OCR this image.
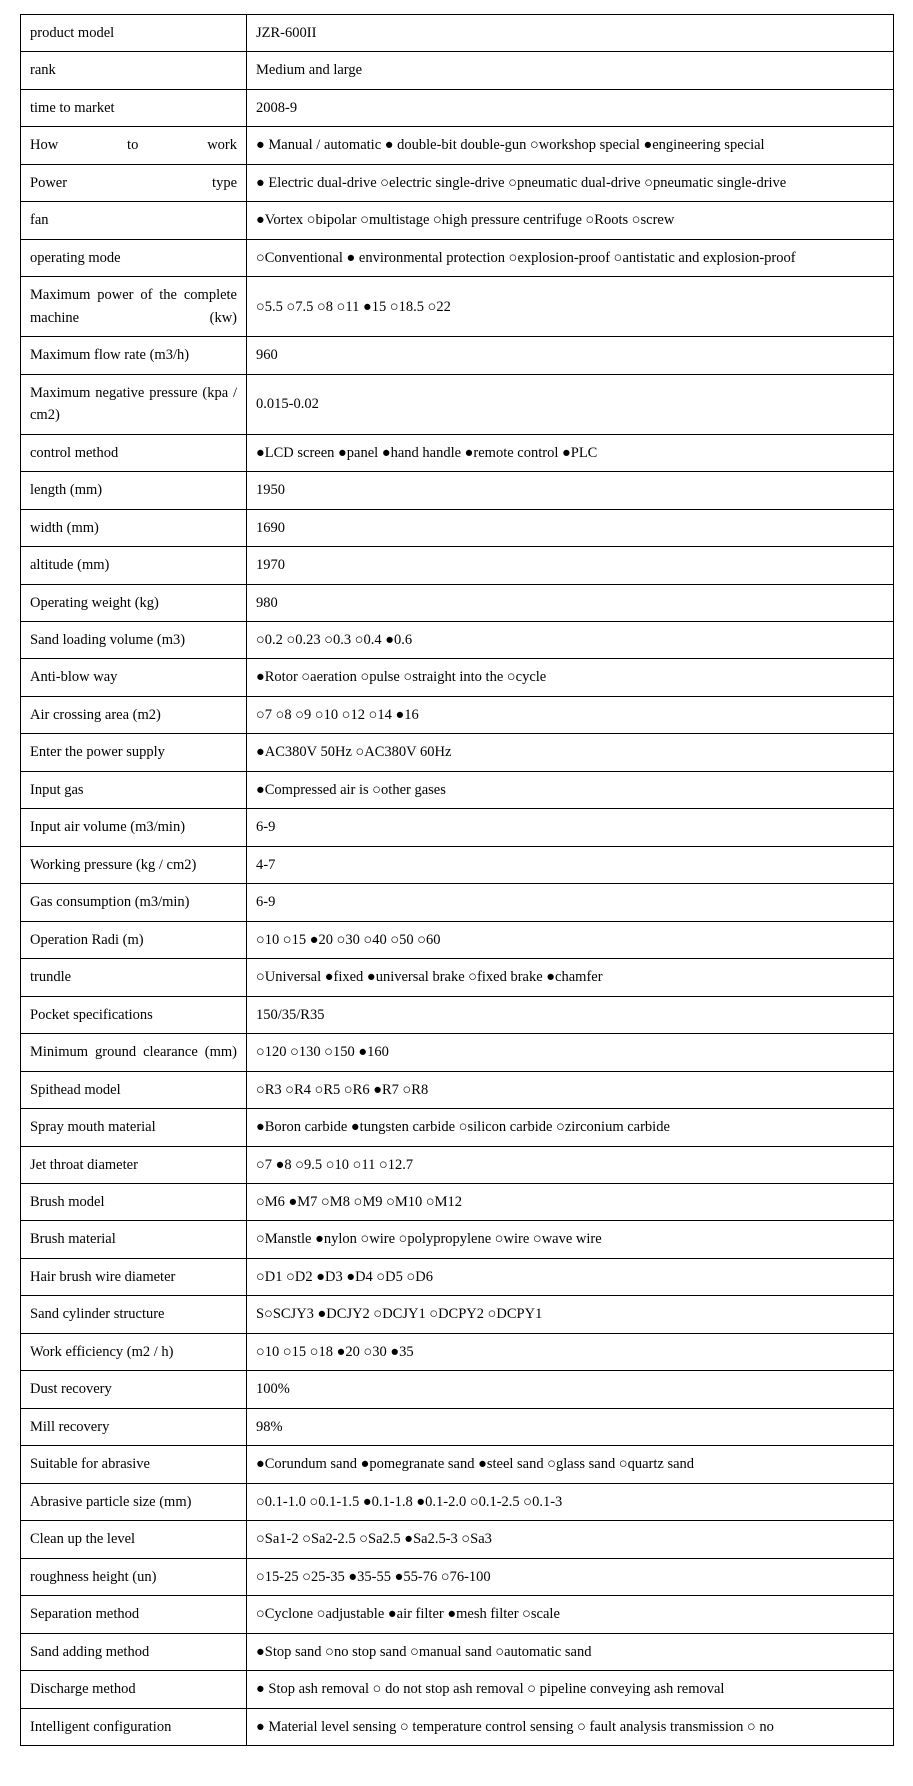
product model	JZR-600II
rank	Medium and large
time to market	2008-9
How to work	● Manual / automatic ● double-bit double-gun ○workshop special ●engineering special
Power type	● Electric dual-drive ○electric single-drive ○pneumatic dual-drive ○pneumatic single-drive
fan	●Vortex ○bipolar ○multistage ○high pressure centrifuge ○Roots ○screw
operating mode	○Conventional ● environmental protection ○explosion-proof ○antistatic and explosion-proof
Maximum power of the complete machine (kw)	○5.5 ○7.5 ○8 ○11 ●15 ○18.5 ○22
Maximum flow rate (m3/h)	960
Maximum negative pressure (kpa / cm2)	0.015-0.02
control method	●LCD screen ●panel ●hand handle ●remote control ●PLC
length (mm)	1950
width (mm)	1690
altitude (mm)	1970
Operating weight (kg)	980
Sand loading volume (m3)	○0.2 ○0.23 ○0.3 ○0.4 ●0.6
Anti-blow way	●Rotor ○aeration ○pulse ○straight into the ○cycle
Air crossing area (m2)	○7 ○8 ○9 ○10 ○12 ○14 ●16
Enter the power supply	●AC380V 50Hz ○AC380V 60Hz
Input gas	●Compressed air is ○other gases
Input air volume (m3/min)	6-9
Working pressure (kg / cm2)	4-7
Gas consumption (m3/min)	6-9
Operation Radi (m)	○10 ○15 ●20 ○30 ○40 ○50 ○60
trundle	○Universal ●fixed ●universal brake ○fixed brake ●chamfer
Pocket specifications	150/35/R35
Minimum ground clearance (mm)	○120 ○130 ○150 ●160
Spithead model	○R3 ○R4 ○R5 ○R6 ●R7 ○R8
Spray mouth material	●Boron carbide ●tungsten carbide ○silicon carbide ○zirconium carbide
Jet throat diameter	○7 ●8 ○9.5 ○10 ○11 ○12.7
Brush model	○M6 ●M7 ○M8 ○M9 ○M10 ○M12
Brush material	○Manstle ●nylon ○wire ○polypropylene ○wire ○wave wire
Hair brush wire diameter	○D1 ○D2 ●D3 ●D4 ○D5 ○D6
Sand cylinder structure	S○SCJY3 ●DCJY2 ○DCJY1 ○DCPY2 ○DCPY1
Work efficiency (m2 / h)	○10 ○15 ○18 ●20 ○30 ●35
Dust recovery	100%
Mill recovery	98%
Suitable for abrasive	●Corundum sand ●pomegranate sand ●steel sand ○glass sand ○quartz sand
Abrasive particle size (mm)	○0.1-1.0 ○0.1-1.5 ●0.1-1.8 ●0.1-2.0 ○0.1-2.5 ○0.1-3
Clean up the level	○Sa1-2 ○Sa2-2.5 ○Sa2.5 ●Sa2.5-3 ○Sa3
roughness height (un)	○15-25 ○25-35 ●35-55 ●55-76 ○76-100
Separation method	○Cyclone ○adjustable ●air filter ●mesh filter ○scale
Sand adding method	●Stop sand ○no stop sand ○manual sand ○automatic sand
Discharge method	● Stop ash removal ○ do not stop ash removal ○ pipeline conveying ash removal
Intelligent configuration	● Material level sensing ○ temperature control sensing ○ fault analysis transmission ○ no
